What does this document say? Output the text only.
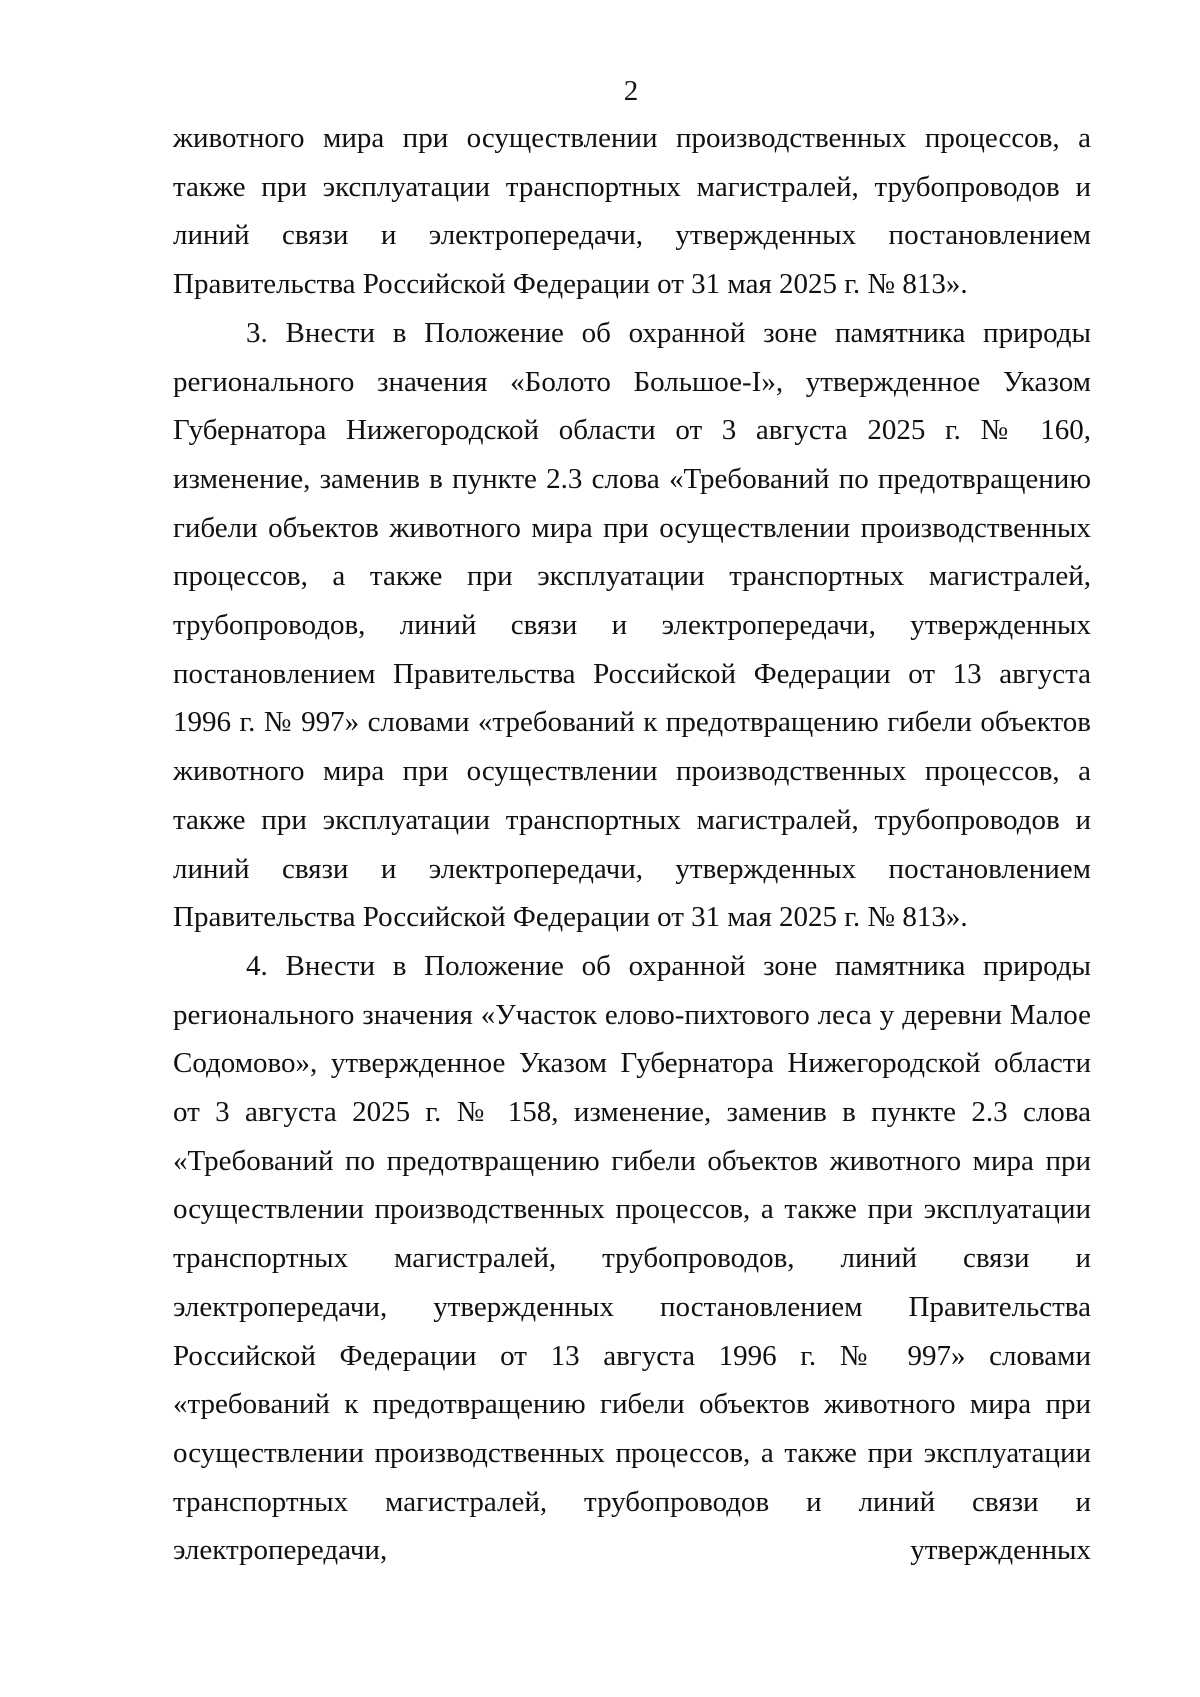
2

животного мира при осуществлении производственных процессов, а также при эксплуатации транспортных магистралей, трубопроводов и линий связи и электропередачи, утвержденных постановлением Правительства Российской Федерации от 31 мая 2025 г. № 813».

3. Внести в Положение об охранной зоне памятника природы регионального значения «Болото Большое-I», утвержденное Указом Губернатора Нижегородской области от 3 августа 2025 г. № 160, изменение, заменив в пункте 2.3 слова «Требований по предотвращению гибели объектов животного мира при осуществлении производственных процессов, а также при эксплуатации транспортных магистралей, трубопроводов, линий связи и электропередачи, утвержденных постановлением Правительства Российской Федерации от 13 августа 1996 г. № 997» словами «требований к предотвращению гибели объектов животного мира при осуществлении производственных процессов, а также при эксплуатации транспортных магистралей, трубопроводов и линий связи и электропередачи, утвержденных постановлением Правительства Российской Федерации от 31 мая 2025 г. № 813».

4. Внести в Положение об охранной зоне памятника природы регионального значения «Участок елово-пихтового леса у деревни Малое Содомово», утвержденное Указом Губернатора Нижегородской области от 3 августа 2025 г. № 158, изменение, заменив в пункте 2.3 слова «Требований по предотвращению гибели объектов животного мира при осуществлении производственных процессов, а также при эксплуатации транспортных магистралей, трубопроводов, линий связи и электропередачи, утвержденных постановлением Правительства Российской Федерации от 13 августа 1996 г. № 997» словами «требований к предотвращению гибели объектов животного мира при осуществлении производственных процессов, а также при эксплуатации транспортных магистралей, трубопроводов и линий связи и электропередачи, утвержденных
